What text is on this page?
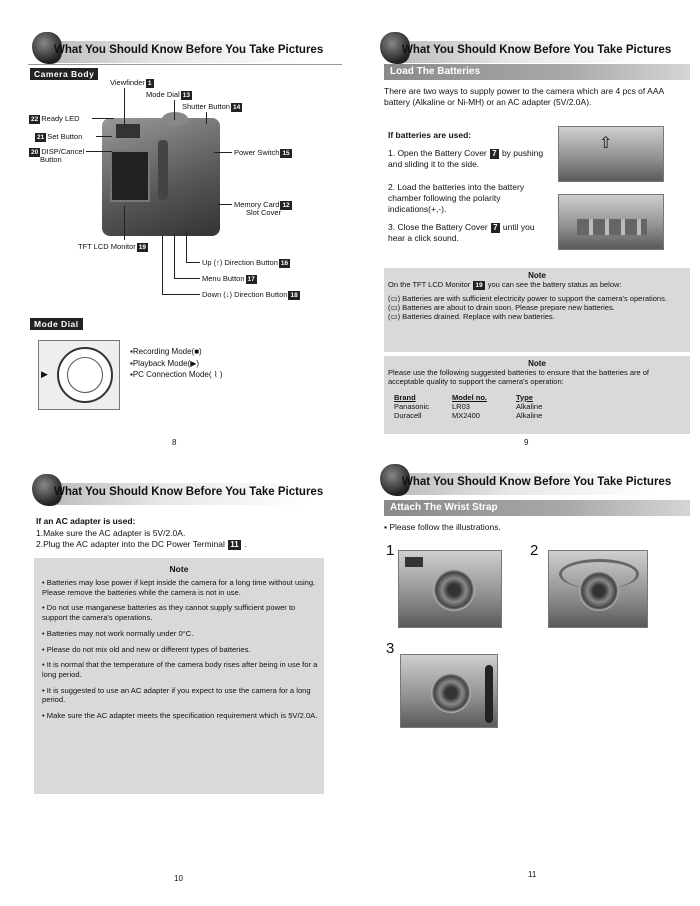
What You Should Know Before You Take Pictures
Camera Body
Viewfinder 1
Mode Dial 13
Shutter Button 14
22 Ready LED
21 Set Button
20 DISP/Cancel
Button
Power Switch 15
Memory Card 12
Slot Cover
TFT LCD Monitor 19
Up (↑) Direction Button 16
Menu Button 17
Down (↓) Direction Button 18
Mode Dial
▶
▪Recording Mode(■)
▪Playback Mode(▶)
▪PC Connection Mode( ⌇ )
8
What You Should Know Before You Take Pictures
Load The Batteries

There are two ways to supply power to the camera which are 4 pcs of AAA battery (Alkaline or Ni-MH) or an AC adapter (5V/2.0A).

If batteries are used:

1. Open the Battery Cover 7 by pushing and sliding it to the side.

2. Load the batteries into the battery chamber following the polarity indications(+,-).

3. Close the Battery Cover 7 until you hear a click sound.

⇧
Note
On the TFT LCD Monitor 19 you can see the battery status as below:
(▭) Batteries are with sufficient electricity power to support the camera's operations.
(▭) Batteries are about to drain soon. Please prepare new batteries.
(▭) Batteries drained. Replace with new batteries.
Note
Please use the following suggested batteries to ensure that the batteries are of acceptable quality to support the camera's operation:
Brand	Model no.	Type
Panasonic	LR03	Alkaline
Duracell	MX2400	Alkaline
9
What You Should Know Before You Take Pictures

If an AC adapter is used:

1.Make sure the AC adapter is 5V/2.0A.

2.Plug the AC adapter into the DC Power Terminal 11 .

Note
• Batteries may lose power if kept inside the camera for a long time without using. Please remove the batteries while the camera is not in use.
• Do not use manganese batteries as they cannot supply sufficient power to support the camera's operations.
• Batteries may not work normally under 0°C.
• Please do not mix old and new or different types of batteries.
• It is normal that the temperature of the camera body rises after being in use for a long period.
• It is suggested to use an AC adapter if you expect to use the camera for a long period.
• Make sure the AC adapter meets the specification requirement which is 5V/2.0A.
10
What You Should Know Before You Take Pictures
Attach The Wrist Strap

▪ Please follow the illustrations.

1	2
3
11
